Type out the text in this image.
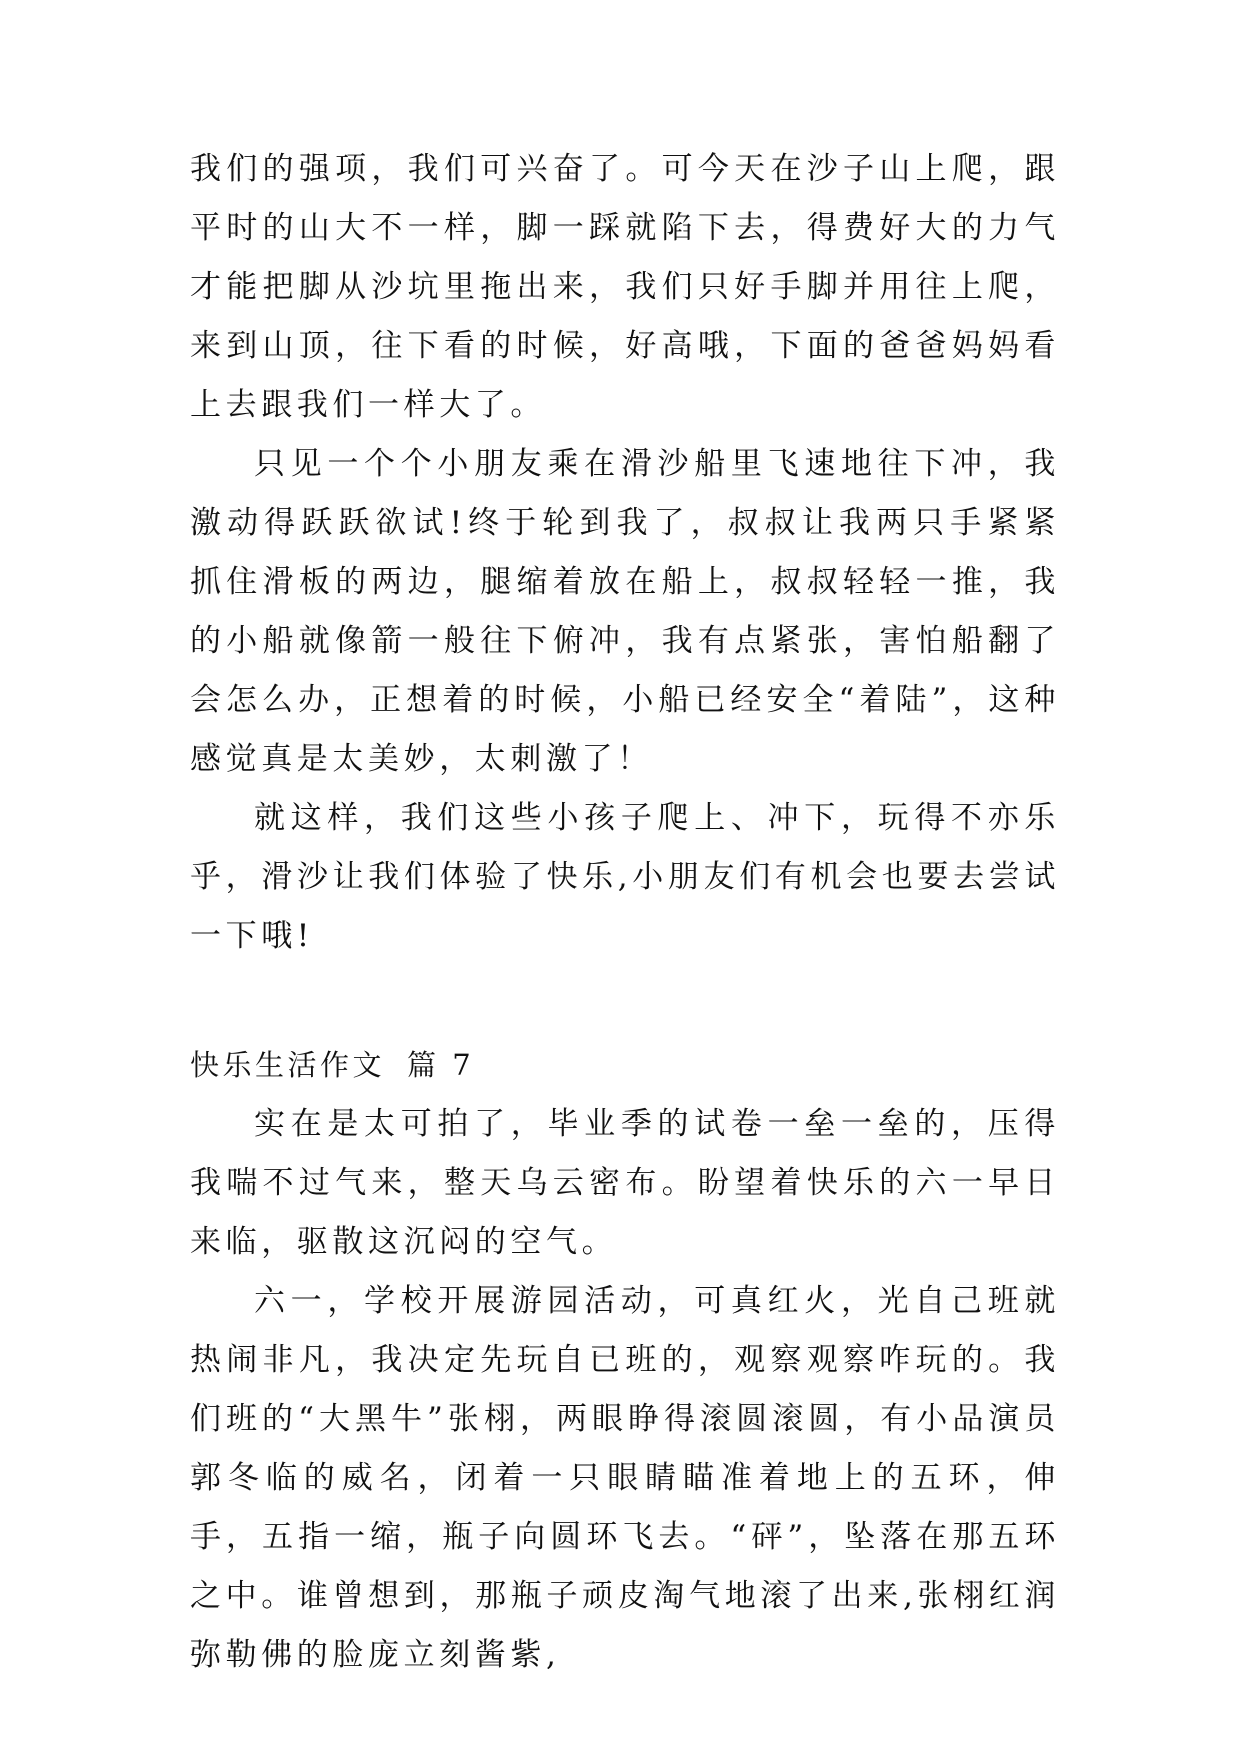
我们的强项，我们可兴奋了。可今天在沙子山上爬，跟平时的山大不一样，脚一踩就陷下去，得费好大的力气才能把脚从沙坑里拖出来，我们只好手脚并用往上爬，来到山顶，往下看的时候，好高哦，下面的爸爸妈妈看上去跟我们一样大了。

只见一个个小朋友乘在滑沙船里飞速地往下冲，我激动得跃跃欲试!终于轮到我了，叔叔让我两只手紧紧抓住滑板的两边，腿缩着放在船上，叔叔轻轻一推，我的小船就像箭一般往下俯冲，我有点紧张，害怕船翻了会怎么办，正想着的时候，小船已经安全“着陆”，这种感觉真是太美妙，太刺激了！

就这样，我们这些小孩子爬上、冲下，玩得不亦乐乎，滑沙让我们体验了快乐,小朋友们有机会也要去尝试一下哦!

快乐生活作文 篇 7

实在是太可拍了，毕业季的试卷一垒一垒的，压得我喘不过气来，整天乌云密布。盼望着快乐的六一早日来临，驱散这沉闷的空气。

六一，学校开展游园活动，可真红火，光自己班就热闹非凡，我决定先玩自已班的，观察观察咋玩的。我们班的“大黑牛”张栩，两眼睁得滚圆滚圆，有小品演员郭冬临的威名，闭着一只眼睛瞄准着地上的五环，伸手，五指一缩，瓶子向圆环飞去。“砰”，坠落在那五环之中。谁曾想到，那瓶子顽皮淘气地滚了出来,张栩红润弥勒佛的脸庞立刻酱紫,
